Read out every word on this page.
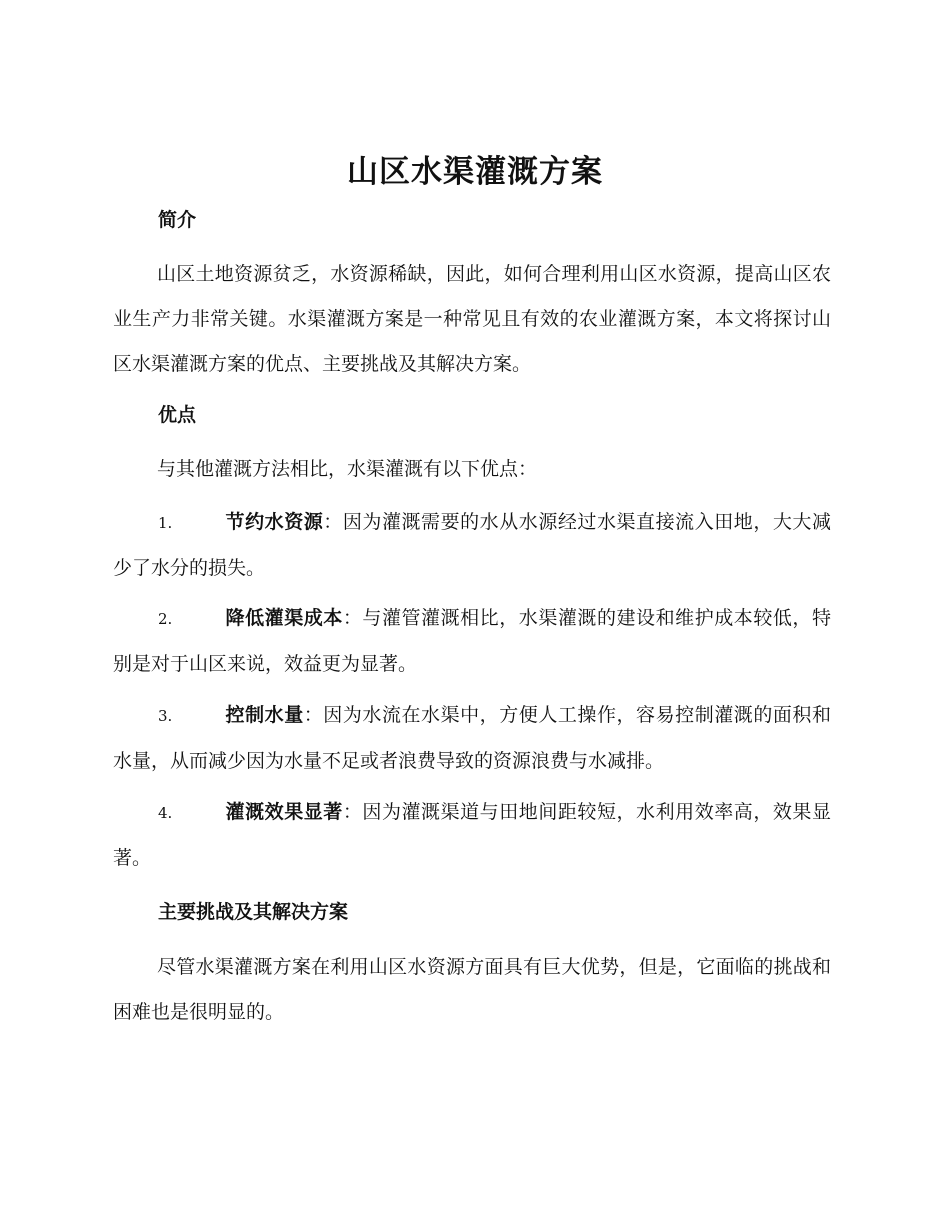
山区水渠灌溉方案
简介

山区土地资源贫乏，水资源稀缺，因此，如何合理利用山区水资源，提高山区农业生产力非常关键。水渠灌溉方案是一种常见且有效的农业灌溉方案，本文将探讨山区水渠灌溉方案的优点、主要挑战及其解决方案。

优点

与其他灌溉方法相比，水渠灌溉有以下优点：

1.	节约水资源：因为灌溉需要的水从水源经过水渠直接流入田地，大大减少了水分的损失。
2.	降低灌渠成本：与灌管灌溉相比，水渠灌溉的建设和维护成本较低，特别是对于山区来说，效益更为显著。
3.	控制水量：因为水流在水渠中，方便人工操作，容易控制灌溉的面积和水量，从而减少因为水量不足或者浪费导致的资源浪费与水减排。
4.	灌溉效果显著：因为灌溉渠道与田地间距较短，水利用效率高，效果显著。
主要挑战及其解决方案

尽管水渠灌溉方案在利用山区水资源方面具有巨大优势，但是，它面临的挑战和困难也是很明显的。
